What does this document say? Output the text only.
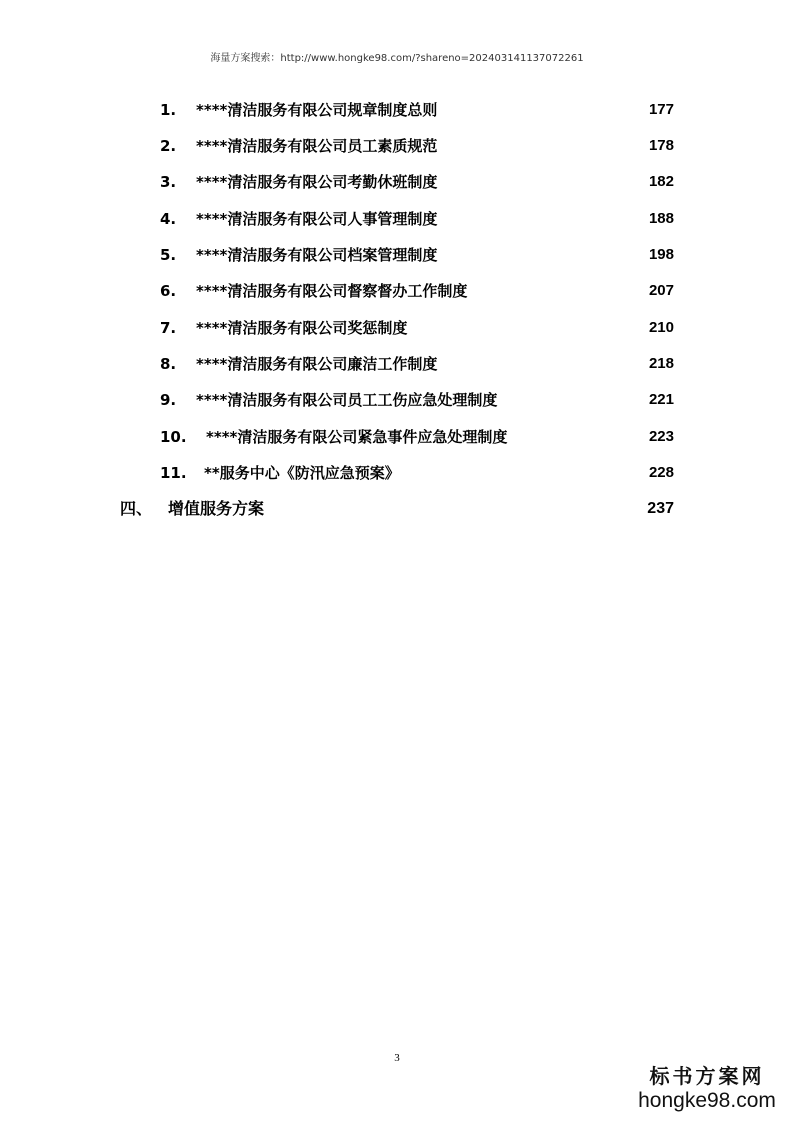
海量方案搜索：http://www.hongke98.com/?shareno=202403141137072261
1.	****清洁服务有限公司规章制度总则	177
2.	****清洁服务有限公司员工素质规范	178
3.	****清洁服务有限公司考勤休班制度	182
4.	****清洁服务有限公司人事管理制度	188
5.	****清洁服务有限公司档案管理制度	198
6.	****清洁服务有限公司督察督办工作制度	207
7.	****清洁服务有限公司奖惩制度	210
8.	****清洁服务有限公司廉洁工作制度	218
9.	****清洁服务有限公司员工工伤应急处理制度	221
10.	****清洁服务有限公司紧急事件应急处理制度	223
11.	**服务中心《防汛应急预案》	228
四、 增值服务方案	237
3
标书方案网
hongke98.com
